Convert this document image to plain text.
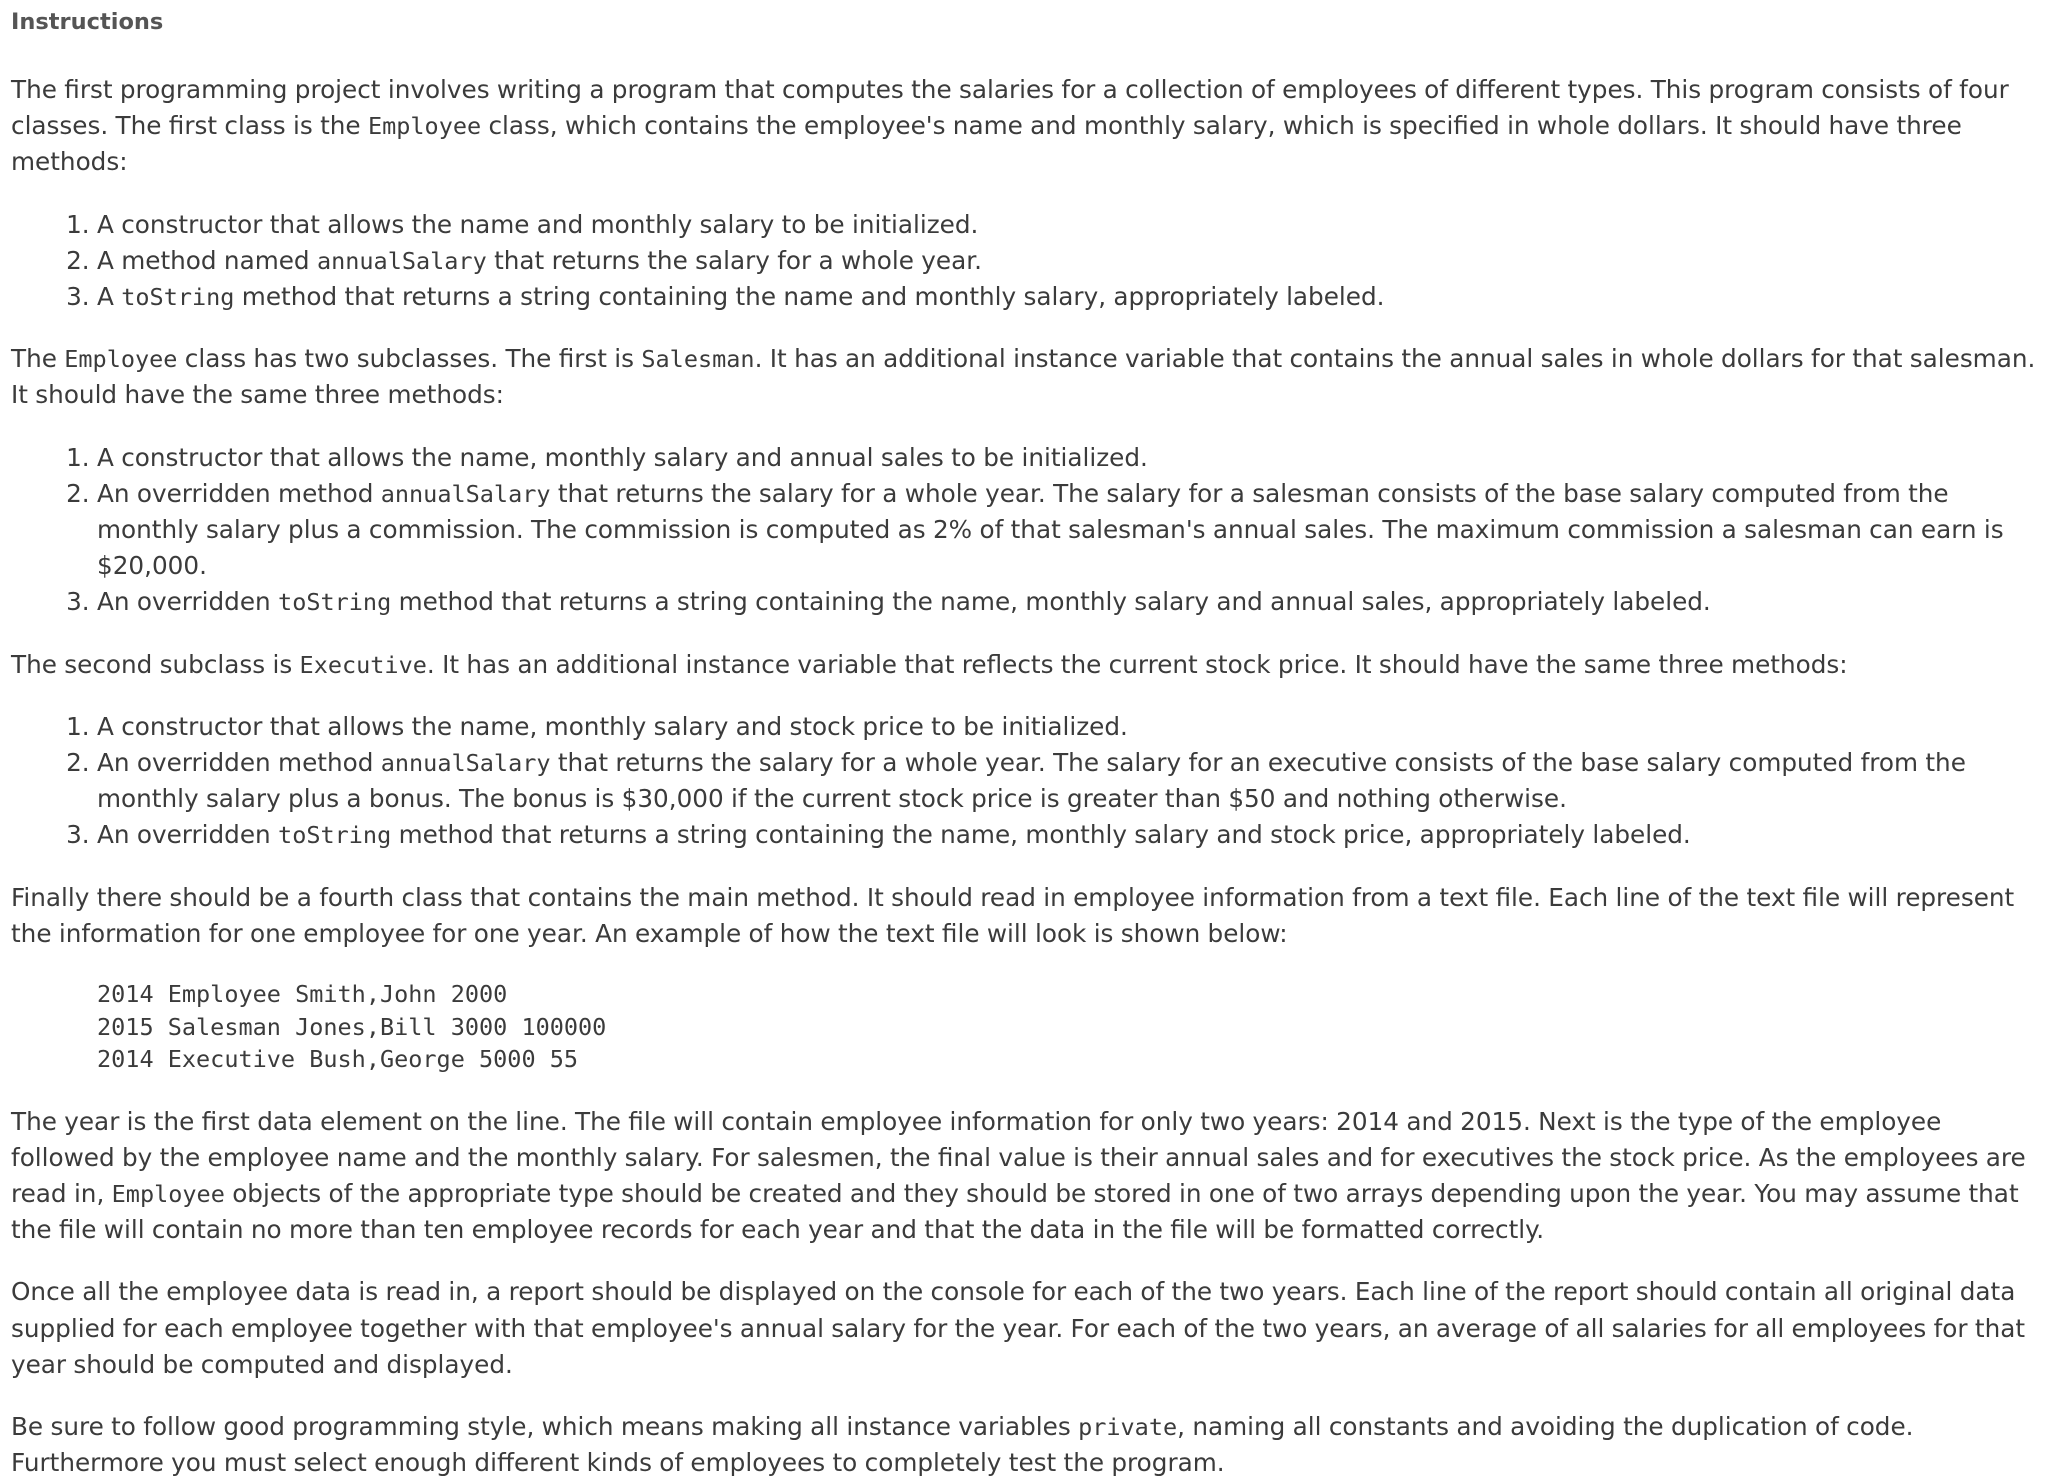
Instructions

The first programming project involves writing a program that computes the salaries for a collection of employees of different types. This program consists of four classes. The first class is the Employee class, which contains the employee's name and monthly salary, which is specified in whole dollars. It should have three methods:

1. A constructor that allows the name and monthly salary to be initialized.
2. A method named annualSalary that returns the salary for a whole year.
3. A toString method that returns a string containing the name and monthly salary, appropriately labeled.

The Employee class has two subclasses. The first is Salesman. It has an additional instance variable that contains the annual sales in whole dollars for that salesman. It should have the same three methods:

1. A constructor that allows the name, monthly salary and annual sales to be initialized.
2. An overridden method annualSalary that returns the salary for a whole year. The salary for a salesman consists of the base salary computed from the monthly salary plus a commission. The commission is computed as 2% of that salesman's annual sales. The maximum commission a salesman can earn is $20,000.
3. An overridden toString method that returns a string containing the name, monthly salary and annual sales, appropriately labeled.

The second subclass is Executive. It has an additional instance variable that reflects the current stock price. It should have the same three methods:

1. A constructor that allows the name, monthly salary and stock price to be initialized.
2. An overridden method annualSalary that returns the salary for a whole year. The salary for an executive consists of the base salary computed from the monthly salary plus a bonus. The bonus is $30,000 if the current stock price is greater than $50 and nothing otherwise.
3. An overridden toString method that returns a string containing the name, monthly salary and stock price, appropriately labeled.

Finally there should be a fourth class that contains the main method. It should read in employee information from a text file. Each line of the text file will represent the information for one employee for one year. An example of how the text file will look is shown below:

2014 Employee Smith,John 2000
2015 Salesman Jones,Bill 3000 100000
2014 Executive Bush,George 5000 55

The year is the first data element on the line. The file will contain employee information for only two years: 2014 and 2015. Next is the type of the employee followed by the employee name and the monthly salary. For salesmen, the final value is their annual sales and for executives the stock price. As the employees are read in, Employee objects of the appropriate type should be created and they should be stored in one of two arrays depending upon the year. You may assume that the file will contain no more than ten employee records for each year and that the data in the file will be formatted correctly.

Once all the employee data is read in, a report should be displayed on the console for each of the two years. Each line of the report should contain all original data supplied for each employee together with that employee's annual salary for the year. For each of the two years, an average of all salaries for all employees for that year should be computed and displayed.

Be sure to follow good programming style, which means making all instance variables private, naming all constants and avoiding the duplication of code. Furthermore you must select enough different kinds of employees to completely test the program.
